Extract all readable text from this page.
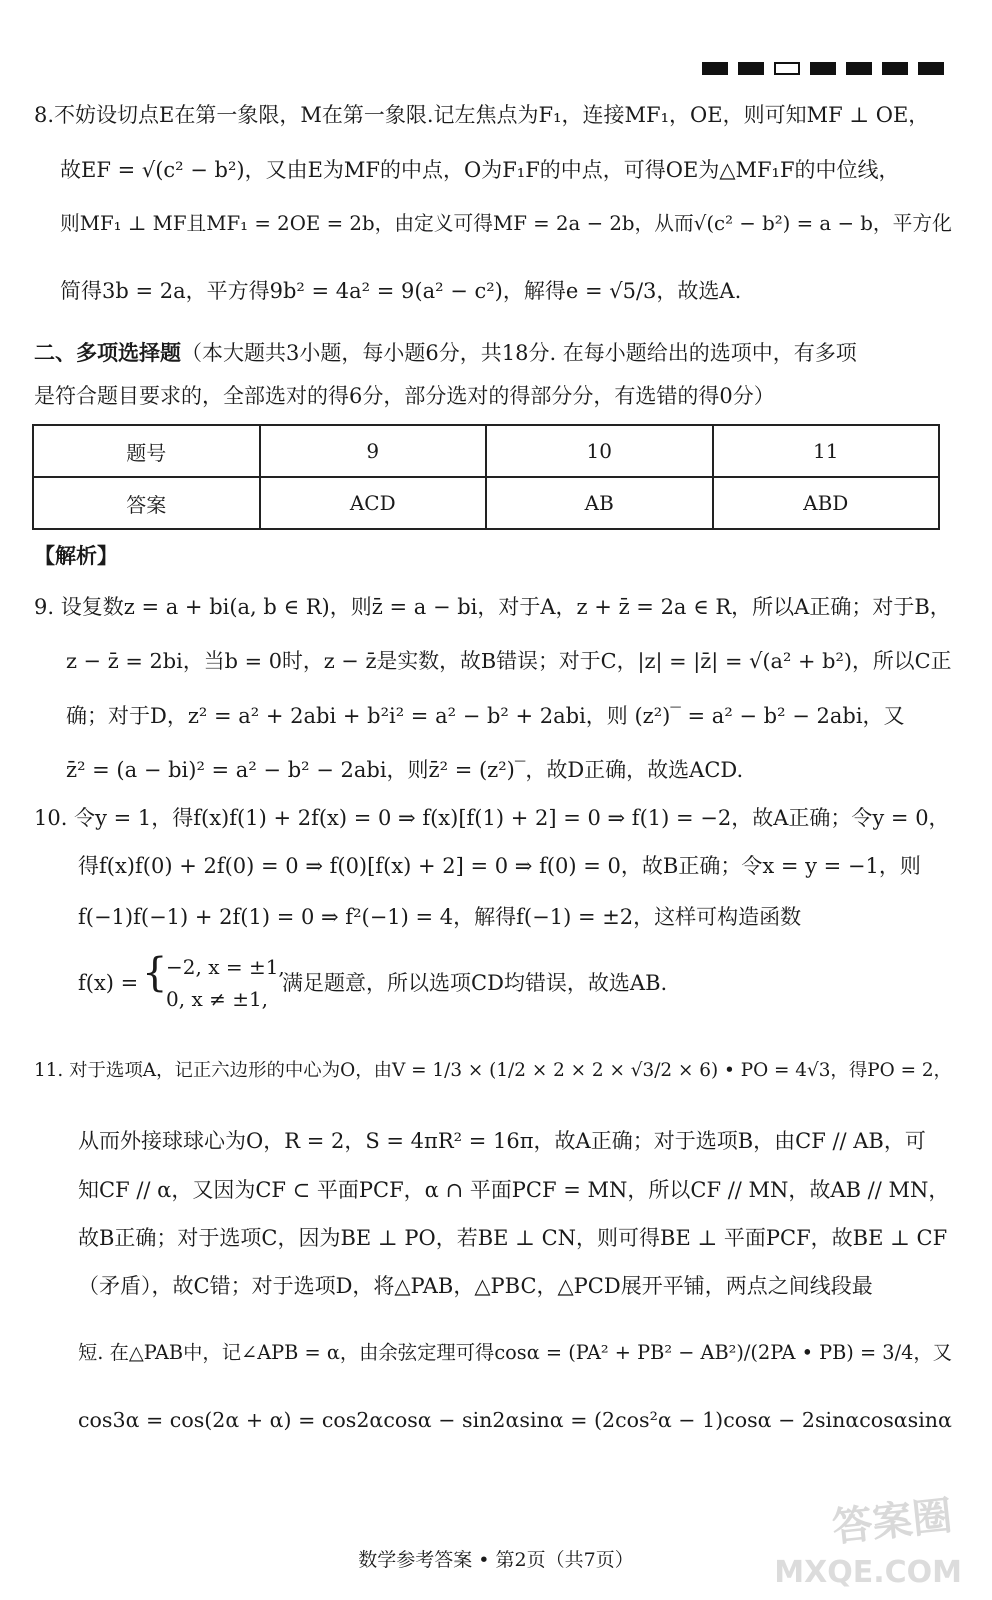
8.不妨设切点E在第一象限，M在第一象限.记左焦点为F₁，连接MF₁，OE，则可知MF ⊥ OE，
故EF = √(c² − b²)，又由E为MF的中点，O为F₁F的中点，可得OE为△MF₁F的中位线，
则MF₁ ⊥ MF且MF₁ = 2OE = 2b，由定义可得MF = 2a − 2b，从而√(c² − b²) = a − b，平方化
简得3b = 2a，平方得9b² = 4a² = 9(a² − c²)，解得e = √5/3，故选A.
二、多项选择题（本大题共3小题，每小题6分，共18分. 在每小题给出的选项中，有多项
是符合题目要求的，全部选对的得6分，部分选对的得部分分，有选错的得0分）
题号	9	10	11
答案	ACD	AB	ABD
【解析】
9. 设复数z = a + bi(a, b ∈ R)，则z̄ = a − bi，对于A，z + z̄ = 2a ∈ R，所以A正确；对于B，
z − z̄ = 2bi，当b = 0时，z − z̄是实数，故B错误；对于C，|z| = |z̄| = √(a² + b²)，所以C正
确；对于D，z² = a² + 2abi + b²i² = a² − b² + 2abi，则 (z²)‾ = a² − b² − 2abi，又
z̄² = (a − bi)² = a² − b² − 2abi，则z̄² = (z²)‾，故D正确，故选ACD.
10. 令y = 1，得f(x)f(1) + 2f(x) = 0 ⇒ f(x)[f(1) + 2] = 0 ⇒ f(1) = −2，故A正确；令y = 0，
得f(x)f(0) + 2f(0) = 0 ⇒ f(0)[f(x) + 2] = 0 ⇒ f(0) = 0，故B正确；令x = y = −1，则
f(−1)f(−1) + 2f(1) = 0 ⇒ f²(−1) = 4，解得f(−1) = ±2，这样可构造函数
f(x) = {
−2, x = ±1,
0, x ≠ ±1,
满足题意，所以选项CD均错误，故选AB.
11. 对于选项A，记正六边形的中心为O，由V = 1/3 × (1/2 × 2 × 2 × √3/2 × 6) • PO = 4√3，得PO = 2，
从而外接球球心为O，R = 2，S = 4πR² = 16π，故A正确；对于选项B，由CF // AB，可
知CF // α，又因为CF ⊂ 平面PCF，α ∩ 平面PCF = MN，所以CF // MN，故AB // MN，
故B正确；对于选项C，因为BE ⊥ PO，若BE ⊥ CN，则可得BE ⊥ 平面PCF，故BE ⊥ CF
（矛盾），故C错；对于选项D，将△PAB，△PBC，△PCD展开平铺，两点之间线段最
短. 在△PAB中，记∠APB = α，由余弦定理可得cosα = (PA² + PB² − AB²)/(2PA • PB) = 3/4，又
cos3α = cos(2α + α) = cos2αcosα − sin2αsinα = (2cos²α − 1)cosα − 2sinαcosαsinα
数学参考答案 • 第2页（共7页）
答案圈
MXQE.COM
